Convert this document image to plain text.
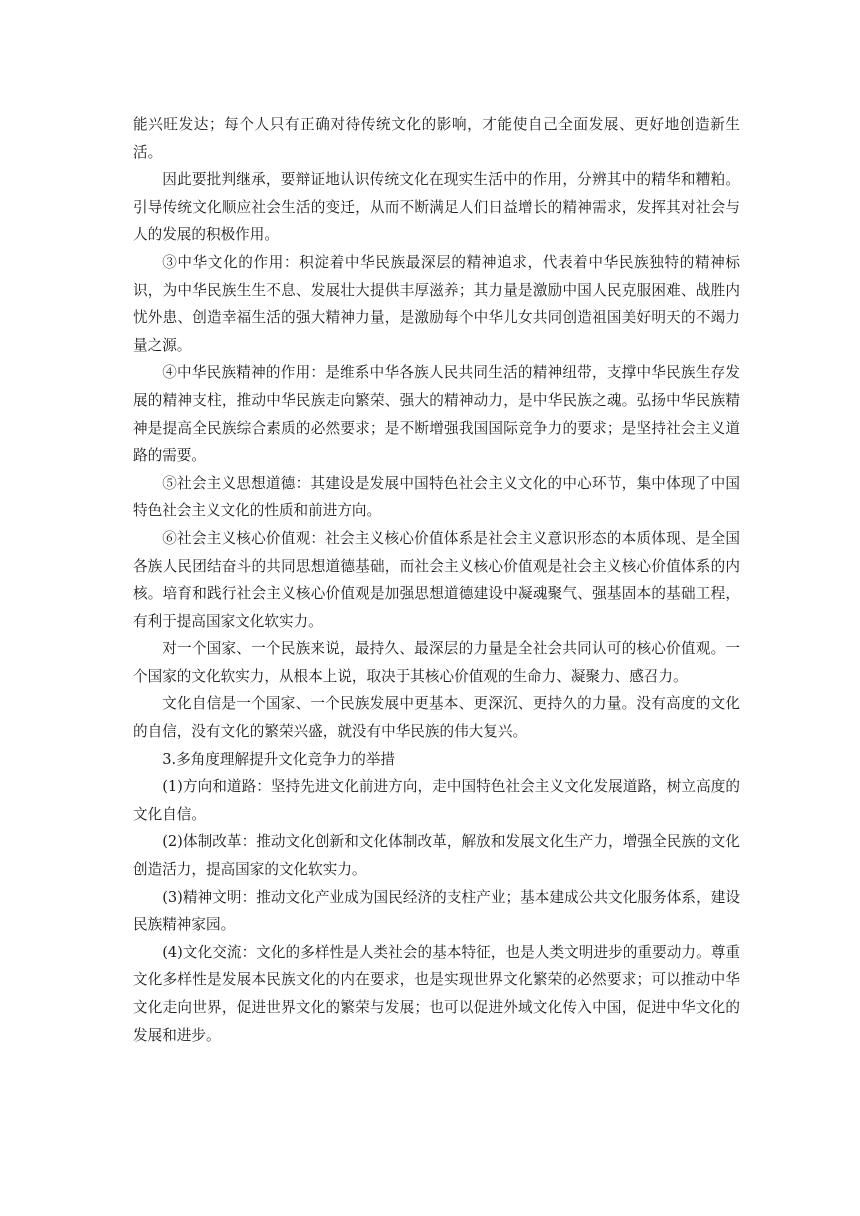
能兴旺发达；每个人只有正确对待传统文化的影响，才能使自己全面发展、更好地创造新生活。

因此要批判继承，要辩证地认识传统文化在现实生活中的作用，分辨其中的精华和糟粕。引导传统文化顺应社会生活的变迁，从而不断满足人们日益增长的精神需求，发挥其对社会与人的发展的积极作用。

③中华文化的作用：积淀着中华民族最深层的精神追求，代表着中华民族独特的精神标识，为中华民族生生不息、发展壮大提供丰厚滋养；其力量是激励中国人民克服困难、战胜内忧外患、创造幸福生活的强大精神力量，是激励每个中华儿女共同创造祖国美好明天的不竭力量之源。

④中华民族精神的作用：是维系中华各族人民共同生活的精神纽带，支撑中华民族生存发展的精神支柱，推动中华民族走向繁荣、强大的精神动力，是中华民族之魂。弘扬中华民族精神是提高全民族综合素质的必然要求；是不断增强我国国际竞争力的要求；是坚持社会主义道路的需要。

⑤社会主义思想道德：其建设是发展中国特色社会主义文化的中心环节，集中体现了中国特色社会主义文化的性质和前进方向。

⑥社会主义核心价值观：社会主义核心价值体系是社会主义意识形态的本质体现、是全国各族人民团结奋斗的共同思想道德基础，而社会主义核心价值观是社会主义核心价值体系的内核。培育和践行社会主义核心价值观是加强思想道德建设中凝魂聚气、强基固本的基础工程，有利于提高国家文化软实力。

对一个国家、一个民族来说，最持久、最深层的力量是全社会共同认可的核心价值观。一个国家的文化软实力，从根本上说，取决于其核心价值观的生命力、凝聚力、感召力。

文化自信是一个国家、一个民族发展中更基本、更深沉、更持久的力量。没有高度的文化的自信，没有文化的繁荣兴盛，就没有中华民族的伟大复兴。

3.多角度理解提升文化竞争力的举措

(1)方向和道路：坚持先进文化前进方向，走中国特色社会主义文化发展道路，树立高度的文化自信。

(2)体制改革：推动文化创新和文化体制改革，解放和发展文化生产力，增强全民族的文化创造活力，提高国家的文化软实力。

(3)精神文明：推动文化产业成为国民经济的支柱产业；基本建成公共文化服务体系，建设民族精神家园。

(4)文化交流：文化的多样性是人类社会的基本特征，也是人类文明进步的重要动力。尊重文化多样性是发展本民族文化的内在要求，也是实现世界文化繁荣的必然要求；可以推动中华文化走向世界，促进世界文化的繁荣与发展；也可以促进外域文化传入中国，促进中华文化的发展和进步。
